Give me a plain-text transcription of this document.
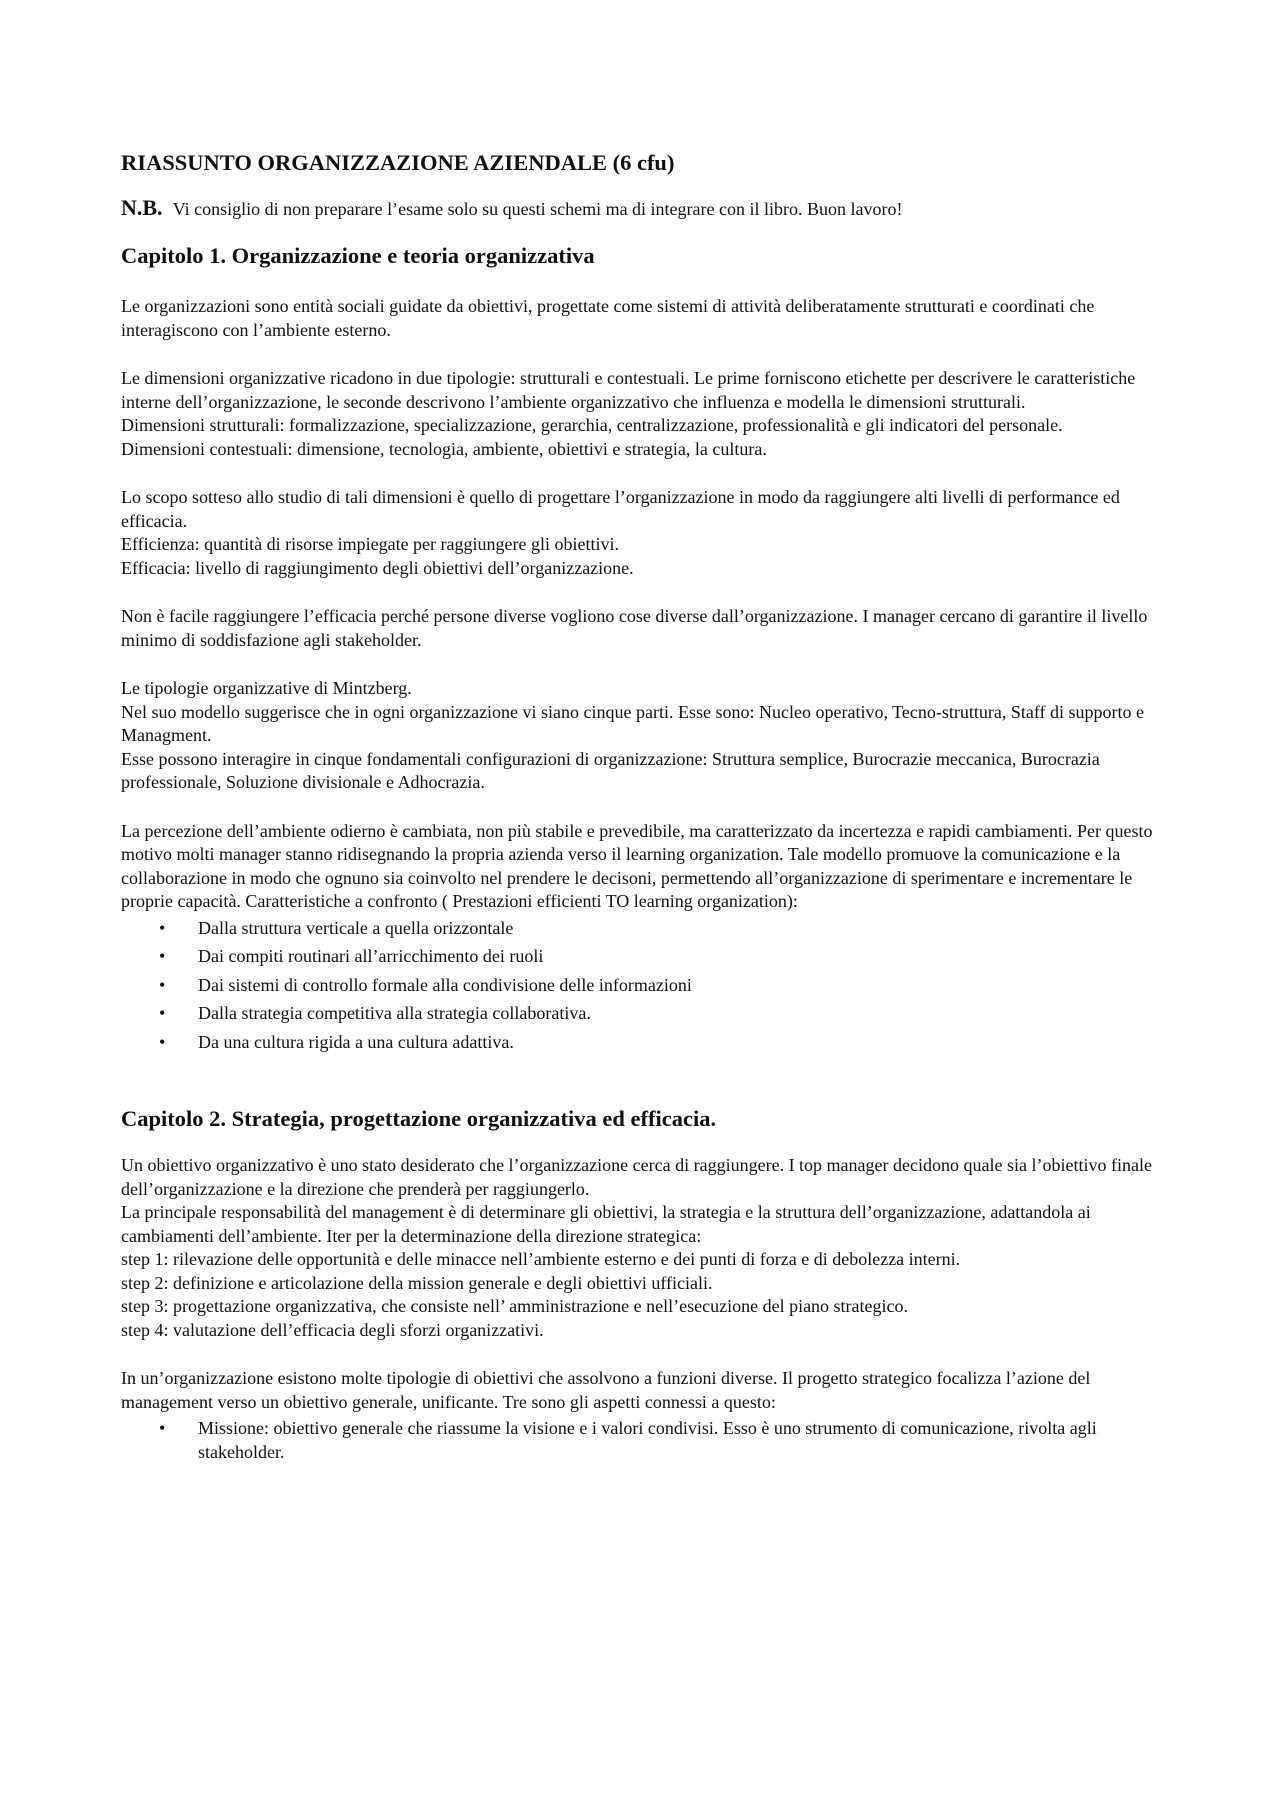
RIASSUNTO ORGANIZZAZIONE AZIENDALE (6 cfu)
N.B. Vi consiglio di non preparare l’esame solo su questi schemi ma di integrare con il libro. Buon lavoro!
Capitolo 1. Organizzazione e teoria organizzativa
Le organizzazioni sono entità sociali guidate da obiettivi, progettate come sistemi di attività deliberatamente strutturati e coordinati che interagiscono con l’ambiente esterno.
Le dimensioni organizzative ricadono in due tipologie: strutturali e contestuali. Le prime forniscono etichette per descrivere le caratteristiche interne dell’organizzazione, le seconde descrivono l’ambiente organizzativo che influenza e modella le dimensioni strutturali.
Dimensioni strutturali: formalizzazione, specializzazione, gerarchia, centralizzazione, professionalità e gli indicatori del personale.
Dimensioni contestuali: dimensione, tecnologia, ambiente, obiettivi e strategia, la cultura.
Lo scopo sotteso allo studio di tali dimensioni è quello di progettare l’organizzazione in modo da raggiungere alti livelli di performance ed efficacia.
Efficienza: quantità di risorse impiegate per raggiungere gli obiettivi.
Efficacia: livello di raggiungimento degli obiettivi dell’organizzazione.
Non è facile raggiungere l’efficacia perché persone diverse vogliono cose diverse dall’organizzazione. I manager cercano di garantire il livello minimo di soddisfazione agli stakeholder.
Le tipologie organizzative di Mintzberg.
Nel suo modello suggerisce che in ogni organizzazione vi siano cinque parti. Esse sono: Nucleo operativo, Tecno-struttura, Staff di supporto e Managment.
Esse possono interagire in cinque fondamentali configurazioni di organizzazione: Struttura semplice, Burocrazie meccanica, Burocrazia professionale, Soluzione divisionale e Adhocrazia.
La percezione dell’ambiente odierno è cambiata, non più stabile e prevedibile, ma caratterizzato da incertezza e rapidi cambiamenti. Per questo motivo molti manager stanno ridisegnando la propria azienda verso il learning organization. Tale modello promuove la comunicazione e la collaborazione in modo che ognuno sia coinvolto nel prendere le decisoni, permettendo all’organizzazione di sperimentare e incrementare le proprie capacità. Caratteristiche a confronto ( Prestazioni efficienti TO learning organization):
• Dalla struttura verticale a quella orizzontale
• Dai compiti routinari all’arricchimento dei ruoli
• Dai sistemi di controllo formale alla condivisione delle informazioni
• Dalla strategia competitiva alla strategia collaborativa.
• Da una cultura rigida a una cultura adattiva.
Capitolo 2. Strategia, progettazione organizzativa ed efficacia.
Un obiettivo organizzativo è uno stato desiderato che l’organizzazione cerca di raggiungere. I top manager decidono quale sia l’obiettivo finale dell’organizzazione e la direzione che prenderà per raggiungerlo.
La principale responsabilità del management è di determinare gli obiettivi, la strategia e la struttura dell’organizzazione, adattandola ai cambiamenti dell’ambiente. Iter per la determinazione della direzione strategica:
step 1: rilevazione delle opportunità e delle minacce nell’ambiente esterno e dei punti di forza e di debolezza interni.
step 2: definizione e articolazione della mission generale e degli obiettivi ufficiali.
step 3: progettazione organizzativa, che consiste nell’ amministrazione e nell’esecuzione del piano strategico.
step 4: valutazione dell’efficacia degli sforzi organizzativi.
In un’organizzazione esistono molte tipologie di obiettivi che assolvono a funzioni diverse. Il progetto strategico focalizza l’azione del management verso un obiettivo generale, unificante. Tre sono gli aspetti connessi a questo:
• Missione: obiettivo generale che riassume la visione e i valori condivisi. Esso è uno strumento di comunicazione, rivolta agli stakeholder.
